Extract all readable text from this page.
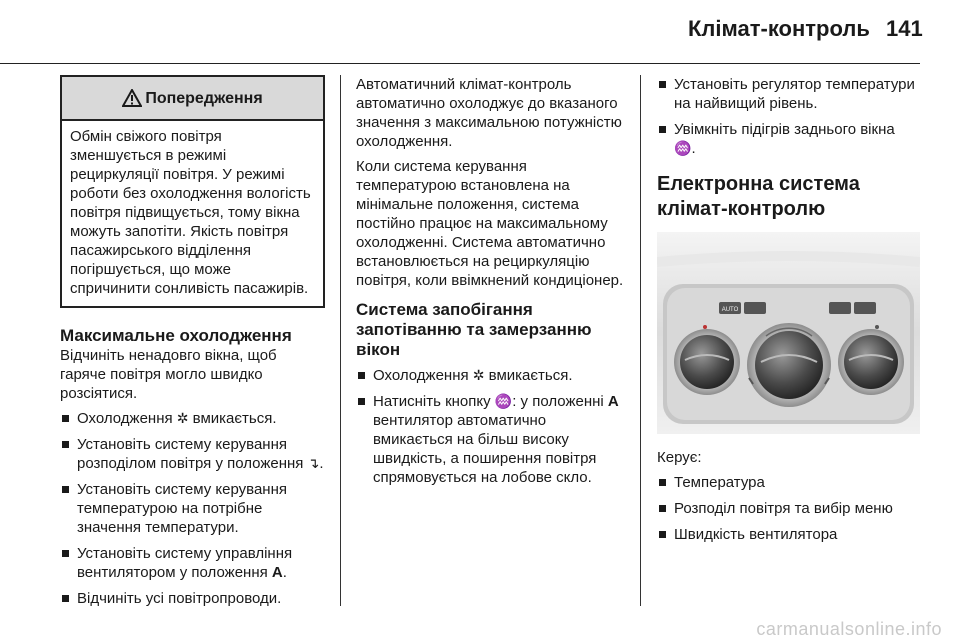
Клімат-контроль 141
Попередження
Обмін свіжого повітря зменшується в режимі рециркуляції повітря. У режимі роботи без охолодження вологість повітря підвищується, тому вікна можуть запотіти. Якість повітря пасажирського відділення погіршується, що може спричинити сонливість пасажирів.
Максимальне охолодження

Відчиніть ненадовго вікна, щоб гаряче повітря могло швидко розсіятися.

Охолодження ✲ вмикається.
Установіть систему керування розподілом повітря у положення ↴.
Установіть систему керування температурою на потрібне значення температури.
Установіть систему управління вентилятором у положення A.
Відчиніть усі повітропроводи.

Автоматичний клімат-контроль автоматично охолоджує до вказаного значення з максимальною потужністю охолодження.

Коли система керування температурою встановлена на мінімальне положення, система постійно працює на максимальному охолодженні. Система автоматично встановлюється на рециркуляцію повітря, коли ввімкнений кондиціонер.

Система запобігання запотіванню та замерзанню вікон
Охолодження ✲ вмикається.
Натисніть кнопку ♒: у положенні A вентилятор автоматично вмикається на більш високу швидкість, а поширення повітря спрямовується на лобове скло.
Установіть регулятор температури на найвищий рівень.
Увімкніть підігрів заднього вікна ♒.
Електронна система клімат-контролю
AUTO

Керує:

Температура
Розподіл повітря та вибір меню
Швидкість вентилятора
carmanualsonline.info
